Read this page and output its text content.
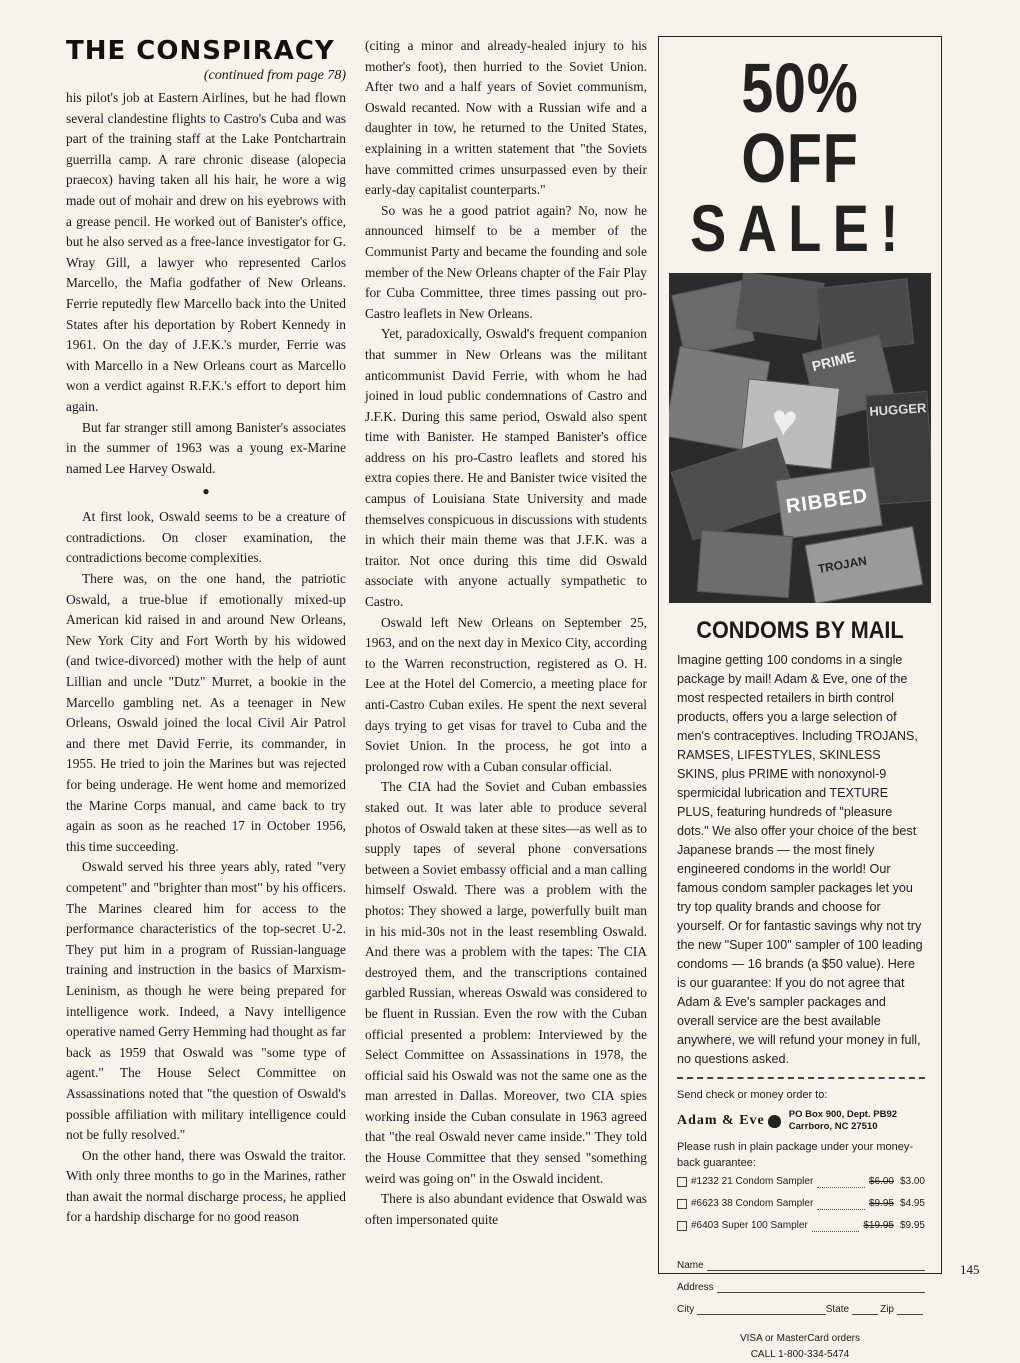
THE CONSPIRACY
(continued from page 78)

his pilot's job at Eastern Airlines, but he had flown several clandestine flights to Castro's Cuba and was part of the training staff at the Lake Pontchartrain guerrilla camp. A rare chronic disease (alopecia praecox) having taken all his hair, he wore a wig made out of mohair and drew on his eyebrows with a grease pencil. He worked out of Banister's office, but he also served as a free-lance investigator for G. Wray Gill, a lawyer who represented Carlos Marcello, the Mafia godfather of New Orleans. Ferrie reputedly flew Marcello back into the United States after his deportation by Robert Kennedy in 1961. On the day of J.F.K.'s murder, Ferrie was with Marcello in a New Orleans court as Marcello won a verdict against R.F.K.'s effort to deport him again.

But far stranger still among Banister's associates in the summer of 1963 was a young ex-Marine named Lee Harvey Oswald.

●

At first look, Oswald seems to be a creature of contradictions. On closer examination, the contradictions become complexities.

There was, on the one hand, the patriotic Oswald, a true-blue if emotionally mixed-up American kid raised in and around New Orleans, New York City and Fort Worth by his widowed (and twice-divorced) mother with the help of aunt Lillian and uncle "Dutz" Murret, a bookie in the Marcello gambling net. As a teenager in New Orleans, Oswald joined the local Civil Air Patrol and there met David Ferrie, its commander, in 1955. He tried to join the Marines but was rejected for being underage. He went home and memorized the Marine Corps manual, and came back to try again as soon as he reached 17 in October 1956, this time succeeding.

Oswald served his three years ably, rated "very competent" and "brighter than most" by his officers. The Marines cleared him for access to the performance characteristics of the top-secret U-2. They put him in a program of Russian-language training and instruction in the basics of Marxism-Leninism, as though he were being prepared for intelligence work. Indeed, a Navy intelligence operative named Gerry Hemming had thought as far back as 1959 that Oswald was "some type of agent." The House Select Committee on Assassinations noted that "the question of Oswald's possible affiliation with military intelligence could not be fully resolved."

On the other hand, there was Oswald the traitor. With only three months to go in the Marines, rather than await the normal discharge process, he applied for a hardship discharge for no good reason

(citing a minor and already-healed injury to his mother's foot), then hurried to the Soviet Union. After two and a half years of Soviet communism, Oswald recanted. Now with a Russian wife and a daughter in tow, he returned to the United States, explaining in a written statement that "the Soviets have committed crimes unsurpassed even by their early-day capitalist counterparts."

So was he a good patriot again? No, now he announced himself to be a member of the Communist Party and became the founding and sole member of the New Orleans chapter of the Fair Play for Cuba Committee, three times passing out pro-Castro leaflets in New Orleans.

Yet, paradoxically, Oswald's frequent companion that summer in New Orleans was the militant anticommunist David Ferrie, with whom he had joined in loud public condemnations of Castro and J.F.K. During this same period, Oswald also spent time with Banister. He stamped Banister's office address on his pro-Castro leaflets and stored his extra copies there. He and Banister twice visited the campus of Louisiana State University and made themselves conspicuous in discussions with students in which their main theme was that J.F.K. was a traitor. Not once during this time did Oswald associate with anyone actually sympathetic to Castro.

Oswald left New Orleans on September 25, 1963, and on the next day in Mexico City, according to the Warren reconstruction, registered as O. H. Lee at the Hotel del Comercio, a meeting place for anti-Castro Cuban exiles. He spent the next several days trying to get visas for travel to Cuba and the Soviet Union. In the process, he got into a prolonged row with a Cuban consular official.

The CIA had the Soviet and Cuban embassies staked out. It was later able to produce several photos of Oswald taken at these sites—as well as to supply tapes of several phone conversations between a Soviet embassy official and a man calling himself Oswald. There was a problem with the photos: They showed a large, powerfully built man in his mid-30s not in the least resembling Oswald. And there was a problem with the tapes: The CIA destroyed them, and the transcriptions contained garbled Russian, whereas Oswald was considered to be fluent in Russian. Even the row with the Cuban official presented a problem: Interviewed by the Select Committee on Assassinations in 1978, the official said his Oswald was not the same one as the man arrested in Dallas. Moreover, two CIA spies working inside the Cuban consulate in 1963 agreed that "the real Oswald never came inside." They told the House Committee that they sensed "something weird was going on" in the Oswald incident.

There is also abundant evidence that Oswald was often impersonated quite

50% OFF
SALE!
PRIME
♥	HUGGER
RIBBED
TROJAN
CONDOMS BY MAIL
Imagine getting 100 condoms in a single package by mail! Adam & Eve, one of the most respected retailers in birth control products, offers you a large selection of men's contraceptives. Including TROJANS, RAMSES, LIFESTYLES, SKINLESS SKINS, plus PRIME with nonoxynol-9 spermicidal lubrication and TEXTURE PLUS, featuring hundreds of "pleasure dots." We also offer your choice of the best Japanese brands — the most finely engineered condoms in the world! Our famous condom sampler packages let you try top quality brands and choose for yourself. Or for fantastic savings why not try the new "Super 100" sampler of 100 leading condoms — 16 brands (a $50 value). Here is our guarantee: If you do not agree that Adam & Eve's sampler packages and overall service are the best available anywhere, we will refund your money in full, no questions asked.
Send check or money order to:
Adam & Eve	PO Box 900, Dept. PB92
Carrboro, NC 27510
Please rush in plain package under your money-back guarantee:
#1232 21 Condom Sampler	$6.00 $3.00
#6623 38 Condom Sampler	$9.95 $4.95
#6403 Super 100 Sampler	$19.95 $9.95
Name
Address
City	State	Zip
VISA or MasterCard orders
CALL 1-800-334-5474
145
